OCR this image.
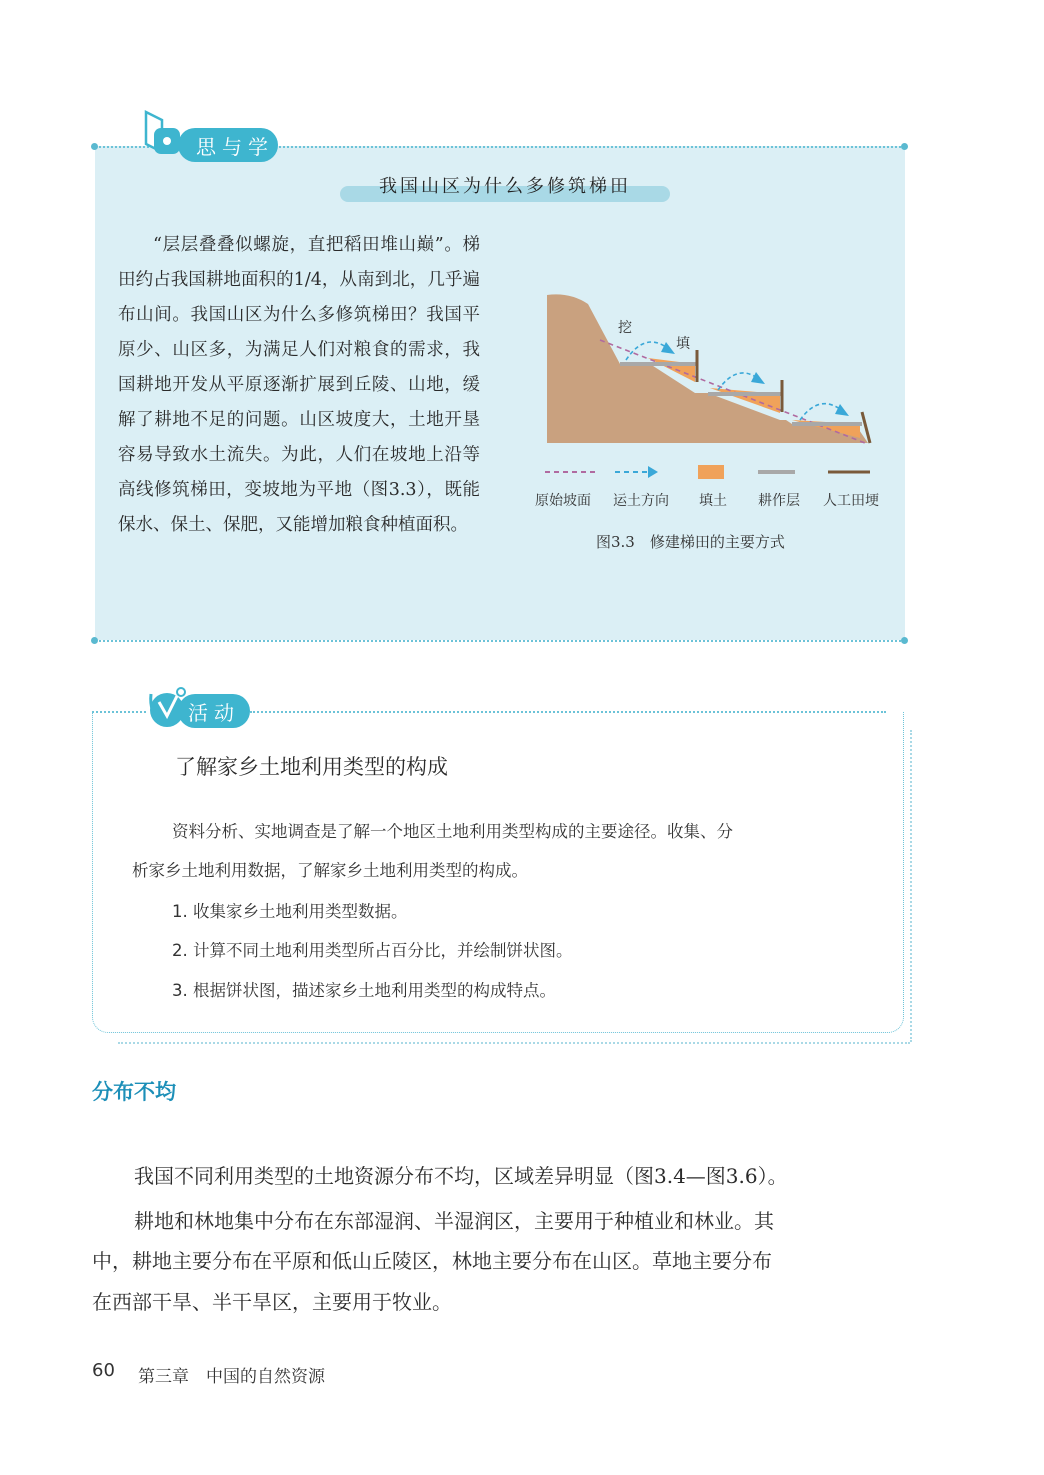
思与学
我国山区为什么多修筑梯田
“层层叠叠似螺旋，直把稻田堆山巅”。梯田约占我国耕地面积的1/4，从南到北，几乎遍布山间。我国山区为什么多修筑梯田？我国平原少、山区多，为满足人们对粮食的需求，我国耕地开发从平原逐渐扩展到丘陵、山地，缓解了耕地不足的问题。山区坡度大，土地开垦容易导致水土流失。为此，人们在坡地上沿等高线修筑梯田，变坡地为平地（图3.3），既能保水、保土、保肥，又能增加粮食种植面积。
挖
填
原始坡面	运土方向	填土	耕作层	人工田埂
图3.3　修建梯田的主要方式
活动
了解家乡土地利用类型的构成
资料分析、实地调查是了解一个地区土地利用类型构成的主要途径。收集、分
析家乡土地利用数据，了解家乡土地利用类型的构成。
1. 收集家乡土地利用类型数据。
2. 计算不同土地利用类型所占百分比，并绘制饼状图。
3. 根据饼状图，描述家乡土地利用类型的构成特点。
分布不均
我国不同利用类型的土地资源分布不均，区域差异明显（图3.4—图3.6）。
耕地和林地集中分布在东部湿润、半湿润区，主要用于种植业和林业。其
中，耕地主要分布在平原和低山丘陵区，林地主要分布在山区。草地主要分布
在西部干旱、半干旱区，主要用于牧业。
60 第三章　中国的自然资源
